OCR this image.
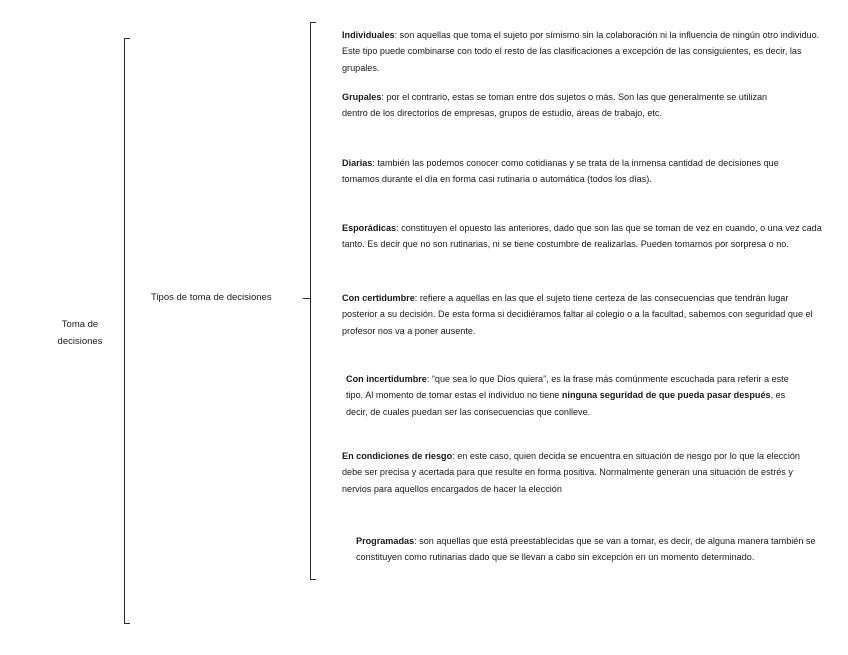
Toma de
decisiones
Tipos de toma de decisiones
Individuales: son aquellas que toma el sujeto por símismo sin la colaboración ni la influencia de ningún otro individuo. Este tipo puede combinarse con todo el resto de las clasificaciones a excepción de las consiguientes, es decir, las grupales.
Grupales: por el contrario, estas se toman entre dos sujetos o más. Son las que generalmente se utilizan dentro de los directorios de empresas, grupos de estudio, áreas de trabajo, etc.
Diarias: también las podemos conocer como cotidianas y se trata de la inmensa cantidad de decisiones que tomamos durante el día en forma casi rutinaria o automática (todos los días).
Esporádicas: constituyen el opuesto las anteriores, dado que son las que se toman de vez en cuando, o una vez cada tanto. Es decir que no son rutinarias, ni se tiene costumbre de realizarlas. Pueden tomarnos por sorpresa o no.
Con certidumbre: refiere a aquellas en las que el sujeto tiene certeza de las consecuencias que tendrán lugar posterior a su decisión. De esta forma si decidiéramos faltar al colegio o a la facultad, sabemos con seguridad que el profesor nos va a poner ausente.
Con incertidumbre: “que sea lo que Dios quiera”, es la frase más comúnmente escuchada para referir a este tipo. Al momento de tomar estas el individuo no tiene ninguna seguridad de que pueda pasar después, es decir, de cuales puedan ser las consecuencias que conlleve.
En condiciones de riesgo: en este caso, quien decida se encuentra en situación de riesgo por lo que la elección debe ser precisa y acertada para que resulte en forma positiva. Normalmente generan una situación de estrés y nervios para aquellos encargados de hacer la elección
Programadas: son aquellas que está preestablecidas que se van a tomar, es decir, de alguna manera también se constituyen como rutinarias dado que se llevan a cabo sin excepción en un momento determinado.
